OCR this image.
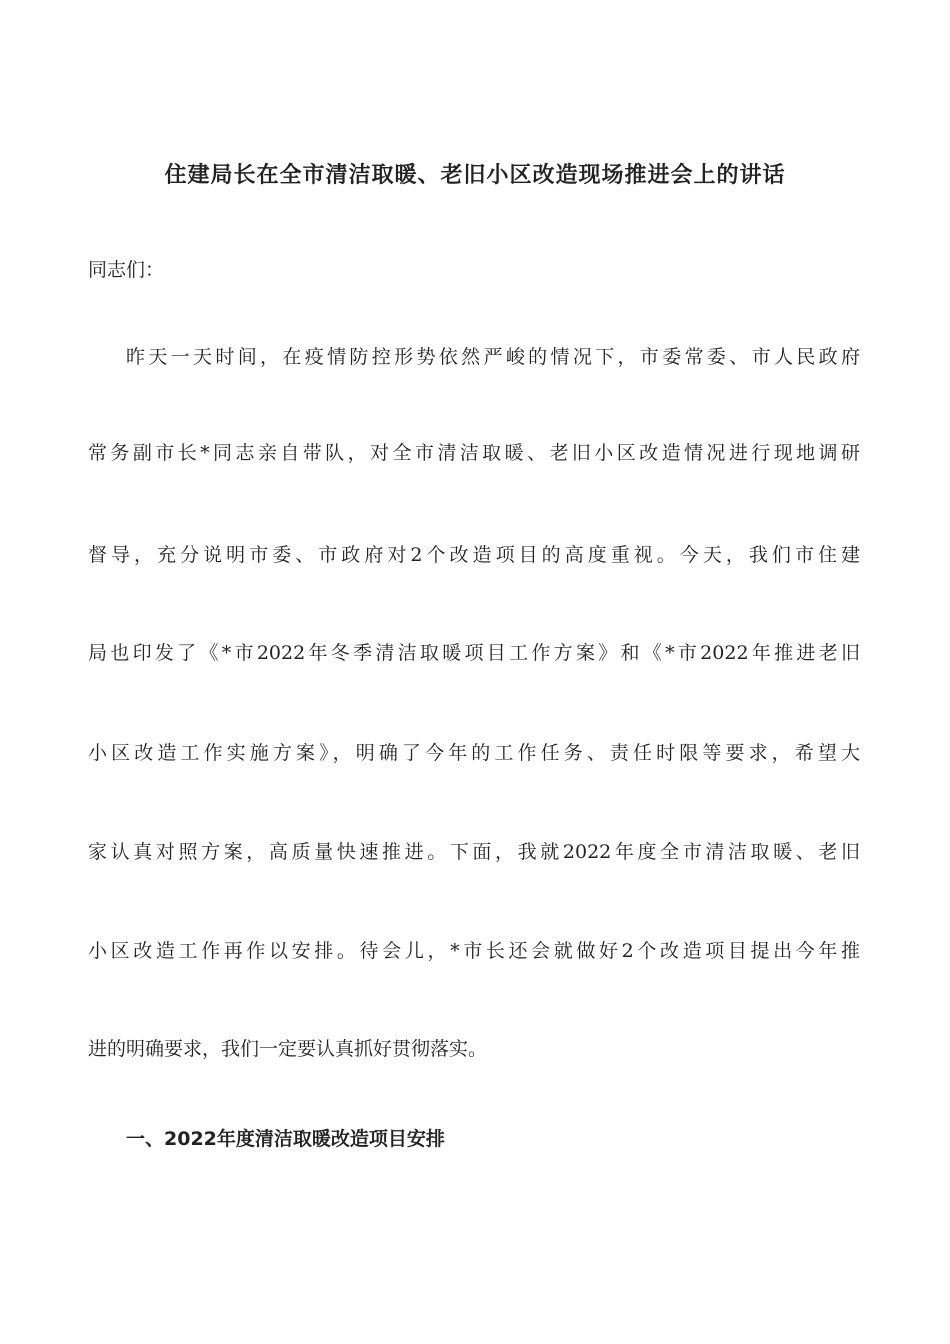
住建局长在全市清洁取暖、老旧小区改造现场推进会上的讲话

同志们：

昨天一天时间，在疫情防控形势依然严峻的情况下，市委常委、市人民政府

常务副市长*同志亲自带队，对全市清洁取暖、老旧小区改造情况进行现地调研

督导，充分说明市委、市政府对2个改造项目的高度重视。今天，我们市住建

局也印发了《*市2022年冬季清洁取暖项目工作方案》和《*市2022年推进老旧

小区改造工作实施方案》，明确了今年的工作任务、责任时限等要求，希望大

家认真对照方案，高质量快速推进。下面，我就2022年度全市清洁取暖、老旧

小区改造工作再作以安排。待会儿，*市长还会就做好2个改造项目提出今年推

进的明确要求，我们一定要认真抓好贯彻落实。

一、2022年度清洁取暖改造项目安排
